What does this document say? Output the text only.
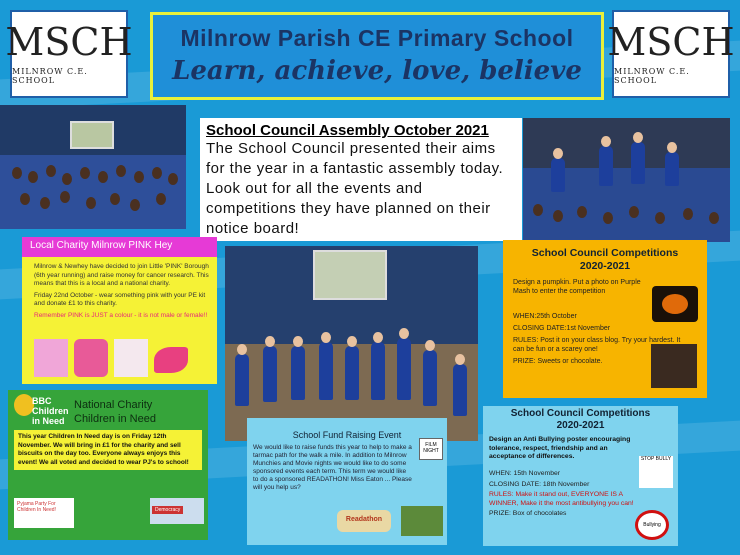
MSCH
MILNROW C.E. SCHOOL
MSCH
MILNROW C.E. SCHOOL
Milnrow Parish CE Primary School
Learn, achieve, love, believe
School Council Assembly October 2021
The School Council presented their aims for the year in a fantastic assembly today. Look out for all the events and competitions they have planned on their notice board!
Local Charity Milnrow PINK Hey
Milnrow & Newhey have decided to join Little 'PINK' Borough (6th year running) and raise money for cancer research. This means that this is a local and a national charity.
Friday 22nd October - wear something pink with your PE kit and donate £1 to this charity.
Remember PINK is JUST a colour - it is not male or female!!
School Council Competitions
2020-2021
Design a pumpkin. Put a photo on Purple Mash to enter the competition
WHEN:25th October
CLOSING DATE:1st November
RULES: Post it on your class blog. Try your hardest. It can be fun or a scarey one!
PRIZE: Sweets or chocolate.
BBC Children in Need
National Charity
Children in Need
This year Children In Need day is on Friday 12th November. We will bring in £1 for the charity and sell biscuits on the day too. Everyone always enjoys this event! We all voted and decided to wear PJ's to school!
Pyjama Party For Children In Need!	Democracy
School Fund Raising Event
We would like to raise funds this year to help to make a tarmac path for the walk a mile. In addition to Milnrow Munchies and Movie nights we would like to do some sponsored events each term. This term we would like to do a sponsored READATHON! Miss Eaton ... Please will you help us?
FILM NIGHT
Readathon
School Council Competitions
2020-2021
Design an Anti Bullying poster encouraging tolerance, respect, friendship and an acceptance of differences.
WHEN: 15th November
CLOSING DATE: 18th November
RULES: Make it stand out, EVERYONE IS A WINNER, Make it the most antibullying you can!
PRIZE: Box of chocolates
STOP BULLY
Bullying
